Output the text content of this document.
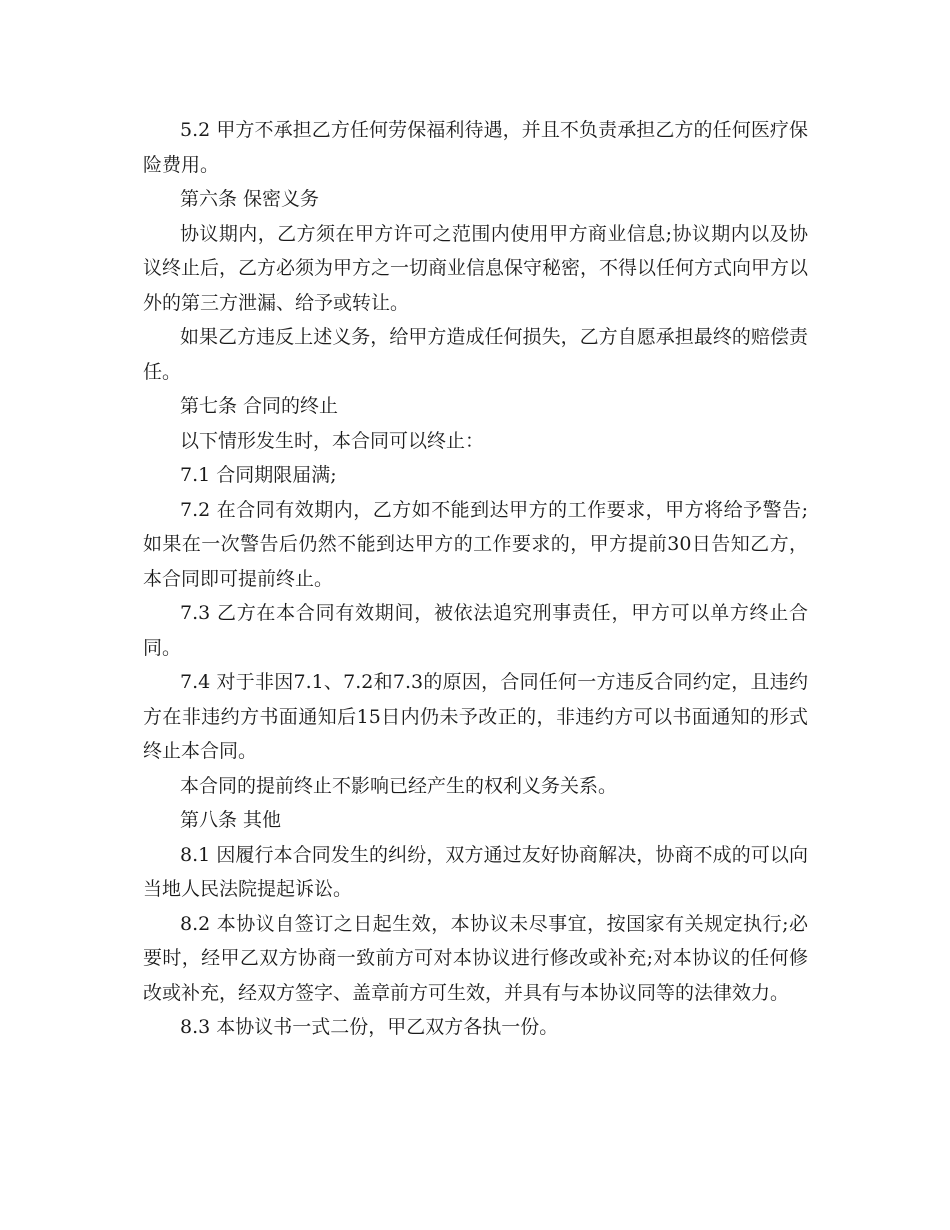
5.2 甲方不承担乙方任何劳保福利待遇，并且不负责承担乙方的任何医疗保险费用。

第六条 保密义务

协议期内，乙方须在甲方许可之范围内使用甲方商业信息;协议期内以及协议终止后，乙方必须为甲方之一切商业信息保守秘密，不得以任何方式向甲方以外的第三方泄漏、给予或转让。

如果乙方违反上述义务，给甲方造成任何损失，乙方自愿承担最终的赔偿责任。

第七条 合同的终止

以下情形发生时，本合同可以终止：

7.1 合同期限届满;

7.2 在合同有效期内，乙方如不能到达甲方的工作要求，甲方将给予警告;如果在一次警告后仍然不能到达甲方的工作要求的，甲方提前30日告知乙方，本合同即可提前终止。

7.3 乙方在本合同有效期间，被依法追究刑事责任，甲方可以单方终止合同。

7.4 对于非因7.1、7.2和7.3的原因，合同任何一方违反合同约定，且违约方在非违约方书面通知后15日内仍未予改正的，非违约方可以书面通知的形式终止本合同。

本合同的提前终止不影响已经产生的权利义务关系。

第八条 其他

8.1 因履行本合同发生的纠纷，双方通过友好协商解决，协商不成的可以向当地人民法院提起诉讼。

8.2 本协议自签订之日起生效，本协议未尽事宜，按国家有关规定执行;必要时，经甲乙双方协商一致前方可对本协议进行修改或补充;对本协议的任何修改或补充，经双方签字、盖章前方可生效，并具有与本协议同等的法律效力。

8.3 本协议书一式二份，甲乙双方各执一份。
